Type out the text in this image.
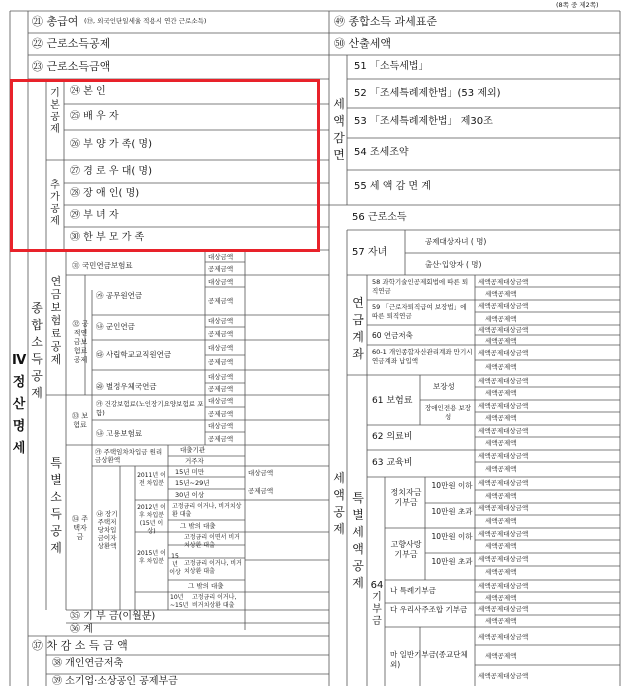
(8쪽 중 제2쪽)
㉑ 총급여 (⑲, 외국인단일세율 적용시 연간 근로소득)
㉒ 근로소득공제
㉓ 근로소득금액
Ⅳ 정 산 명 세
기본공제
㉔ 본 인
㉕ 배 우 자
㉖ 부 양 가 족( 명)
추가공제
㉗ 경 로 우 대( 명)
㉘ 장 애 인( 명)
㉙ 부 녀 자
㉚ 한 부 모 가 족
종합소득공제
연금보험료공제
㉛ 국민연금보험료
㉜ 공적연금보험료공제
㉮ 공무원연금
㉯ 군인연금
㉰ 사립학교교직원연금
㉱ 별정우체국연금
대상금액
공제금액
대상금액
공제금액
대상금액
공제금액
대상금액
공제금액
대상금액
공제금액
특별소득공제
㉝ 보험료
㉮ 건강보험료(노인장기요양보험료 포함)
㉯ 고용보험료
대상금액
공제금액
대상금액
공제금액
㉞ 주택자금
㉮ 주택임차차입금 원리금상환액
대출기관
거주자
㉯ 장기주택저당차입금이자상환액
2011년 이전 차입분
15년 미만
15년~29년
30년 이상
2012년 이후 차입분 (15년 이상)
고정금리 이거나, 비거치상환 대출
그 밖의 대출
2015년 이후 차입분
15년 이상
고정금리 이면서 비거치상환 대출
고정금리 이거나, 비거치상환 대출
그 밖의 대출
10년 ~15년
고정금리 이거나, 비거치상환 대출
대상금액
공제금액
㉟ 기 부 금(이월분)
㊱ 계
㊲ 차 감 소 득 금 액
㊳ 개인연금저축
㊴ 소기업·소상공인 공제부금
㊾ 종합소득 과세표준
㊿ 산출세액
세액감면
51 「소득세법」
52 「조세특례제한법」(53 제외)
53 「조세특례제한법」 제30조
54 조세조약
55 세 액 감 면 계
세액공제
56 근로소득
57 자녀
공제대상자녀 ( 명)
출산·입양자 ( 명)
연금계좌
58 과학기술인공제회법에 따른 퇴직연금
59 「근로자퇴직급여 보장법」에 따른 퇴직연금
60 연금저축
60-1 개인종합자산관리계좌 만기시 연금계좌 납입액
특별세액공제
61 보험료
보장성
장애인전용 보장성
62 의료비
63 교육비
64 기부금
정치자금기부금
10만원 이하
10만원 초과
고향사랑기부금
10만원 이하
10만원 초과
나 특례기부금
다 우리사주조합 기부금
마 일반기부금(종교단체 외)
세액공제대상금액
세액공제액
세액공제대상금액
세액공제액
세액공제대상금액
세액공제액
세액공제대상금액
세액공제액
세액공제대상금액
세액공제액
세액공제대상금액
세액공제액
세액공제대상금액
세액공제액
세액공제대상금액
세액공제액
세액공제대상금액
세액공제액
세액공제대상금액
세액공제액
세액공제대상금액
세액공제액
세액공제대상금액
세액공제액
세액공제대상금액
세액공제액
세액공제대상금액
세액공제액
세액공제대상금액
세액공제액
세액공제대상금액
